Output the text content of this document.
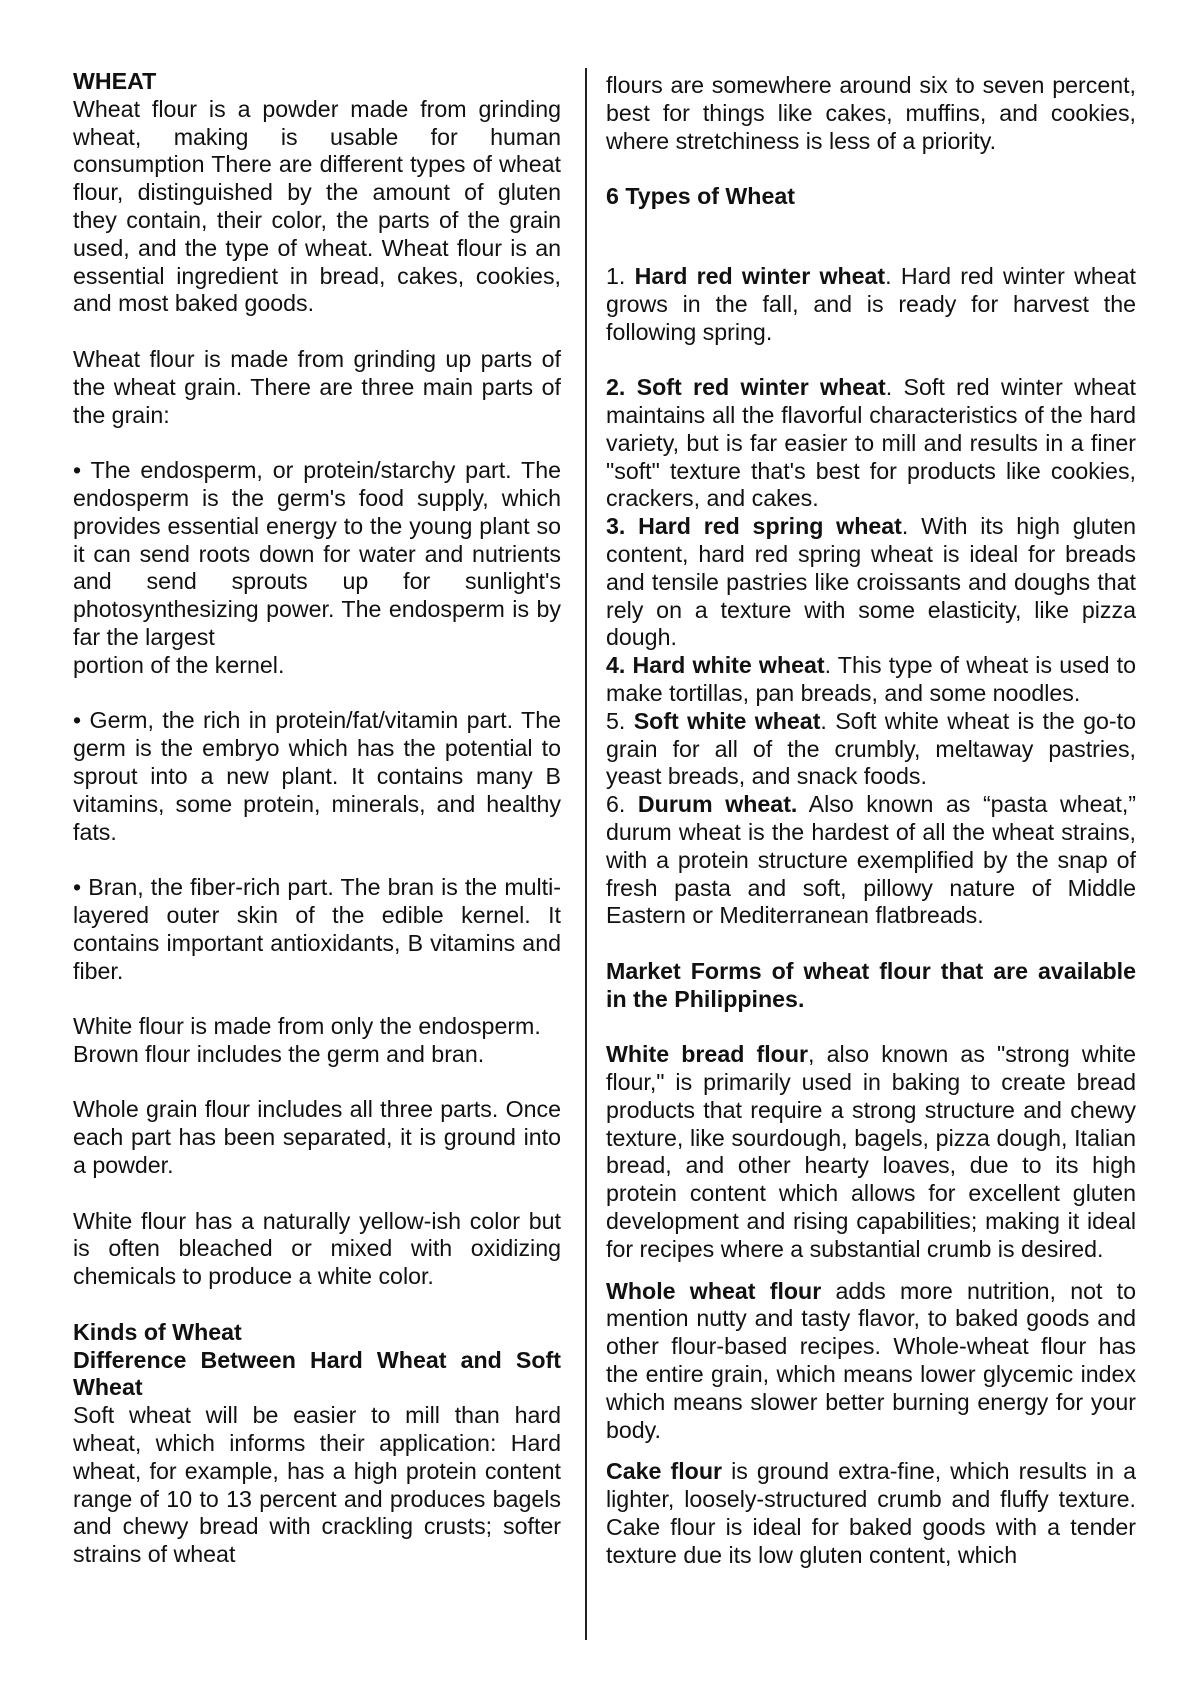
WHEAT

Wheat flour is a powder made from grinding wheat, making is usable for human consumption There are different types of wheat flour, distinguished by the amount of gluten they contain, their color, the parts of the grain used, and the type of wheat. Wheat flour is an essential ingredient in bread, cakes, cookies, and most baked goods.

Wheat flour is made from grinding up parts of the wheat grain. There are three main parts of the grain:

• The endosperm, or protein/starchy part. The endosperm is the germ's food supply, which provides essential energy to the young plant so it can send roots down for water and nutrients and send sprouts up for sunlight's photosynthesizing power. The endosperm is by far the largest

portion of the kernel.

• Germ, the rich in protein/fat/vitamin part. The germ is the embryo which has the potential to sprout into a new plant. It contains many B vitamins, some protein, minerals, and healthy fats.

• Bran, the fiber-rich part. The bran is the multi-layered outer skin of the edible kernel. It contains important antioxidants, B vitamins and fiber.

White flour is made from only the endosperm.

Brown flour includes the germ and bran.

Whole grain flour includes all three parts. Once each part has been separated, it is ground into a powder.

White flour has a naturally yellow-ish color but is often bleached or mixed with oxidizing chemicals to produce a white color.

Kinds of Wheat

Difference Between Hard Wheat and Soft Wheat

Soft wheat will be easier to mill than hard wheat, which informs their application: Hard wheat, for example, has a high protein content range of 10 to 13 percent and produces bagels and chewy bread with crackling crusts; softer strains of wheat

flours are somewhere around six to seven percent, best for things like cakes, muffins, and cookies, where stretchiness is less of a priority.

6 Types of Wheat

1. Hard red winter wheat. Hard red winter wheat grows in the fall, and is ready for harvest the following spring.

2. Soft red winter wheat. Soft red winter wheat maintains all the flavorful characteristics of the hard variety, but is far easier to mill and results in a finer "soft" texture that's best for products like cookies, crackers, and cakes.

3. Hard red spring wheat. With its high gluten content, hard red spring wheat is ideal for breads and tensile pastries like croissants and doughs that rely on a texture with some elasticity, like pizza dough.

4. Hard white wheat. This type of wheat is used to make tortillas, pan breads, and some noodles.

5. Soft white wheat. Soft white wheat is the go-to grain for all of the crumbly, meltaway pastries, yeast breads, and snack foods.

6. Durum wheat. Also known as “pasta wheat,” durum wheat is the hardest of all the wheat strains, with a protein structure exemplified by the snap of fresh pasta and soft, pillowy nature of Middle Eastern or Mediterranean flatbreads.

Market Forms of wheat flour that are available in the Philippines.

White bread flour, also known as "strong white flour," is primarily used in baking to create bread products that require a strong structure and chewy texture, like sourdough, bagels, pizza dough, Italian bread, and other hearty loaves, due to its high protein content which allows for excellent gluten development and rising capabilities; making it ideal for recipes where a substantial crumb is desired.

Whole wheat flour adds more nutrition, not to mention nutty and tasty flavor, to baked goods and other flour-based recipes. Whole-wheat flour has the entire grain, which means lower glycemic index which means slower better burning energy for your body.

Cake flour is ground extra-fine, which results in a lighter, loosely-structured crumb and fluffy texture. Cake flour is ideal for baked goods with a tender texture due its low gluten content, which
